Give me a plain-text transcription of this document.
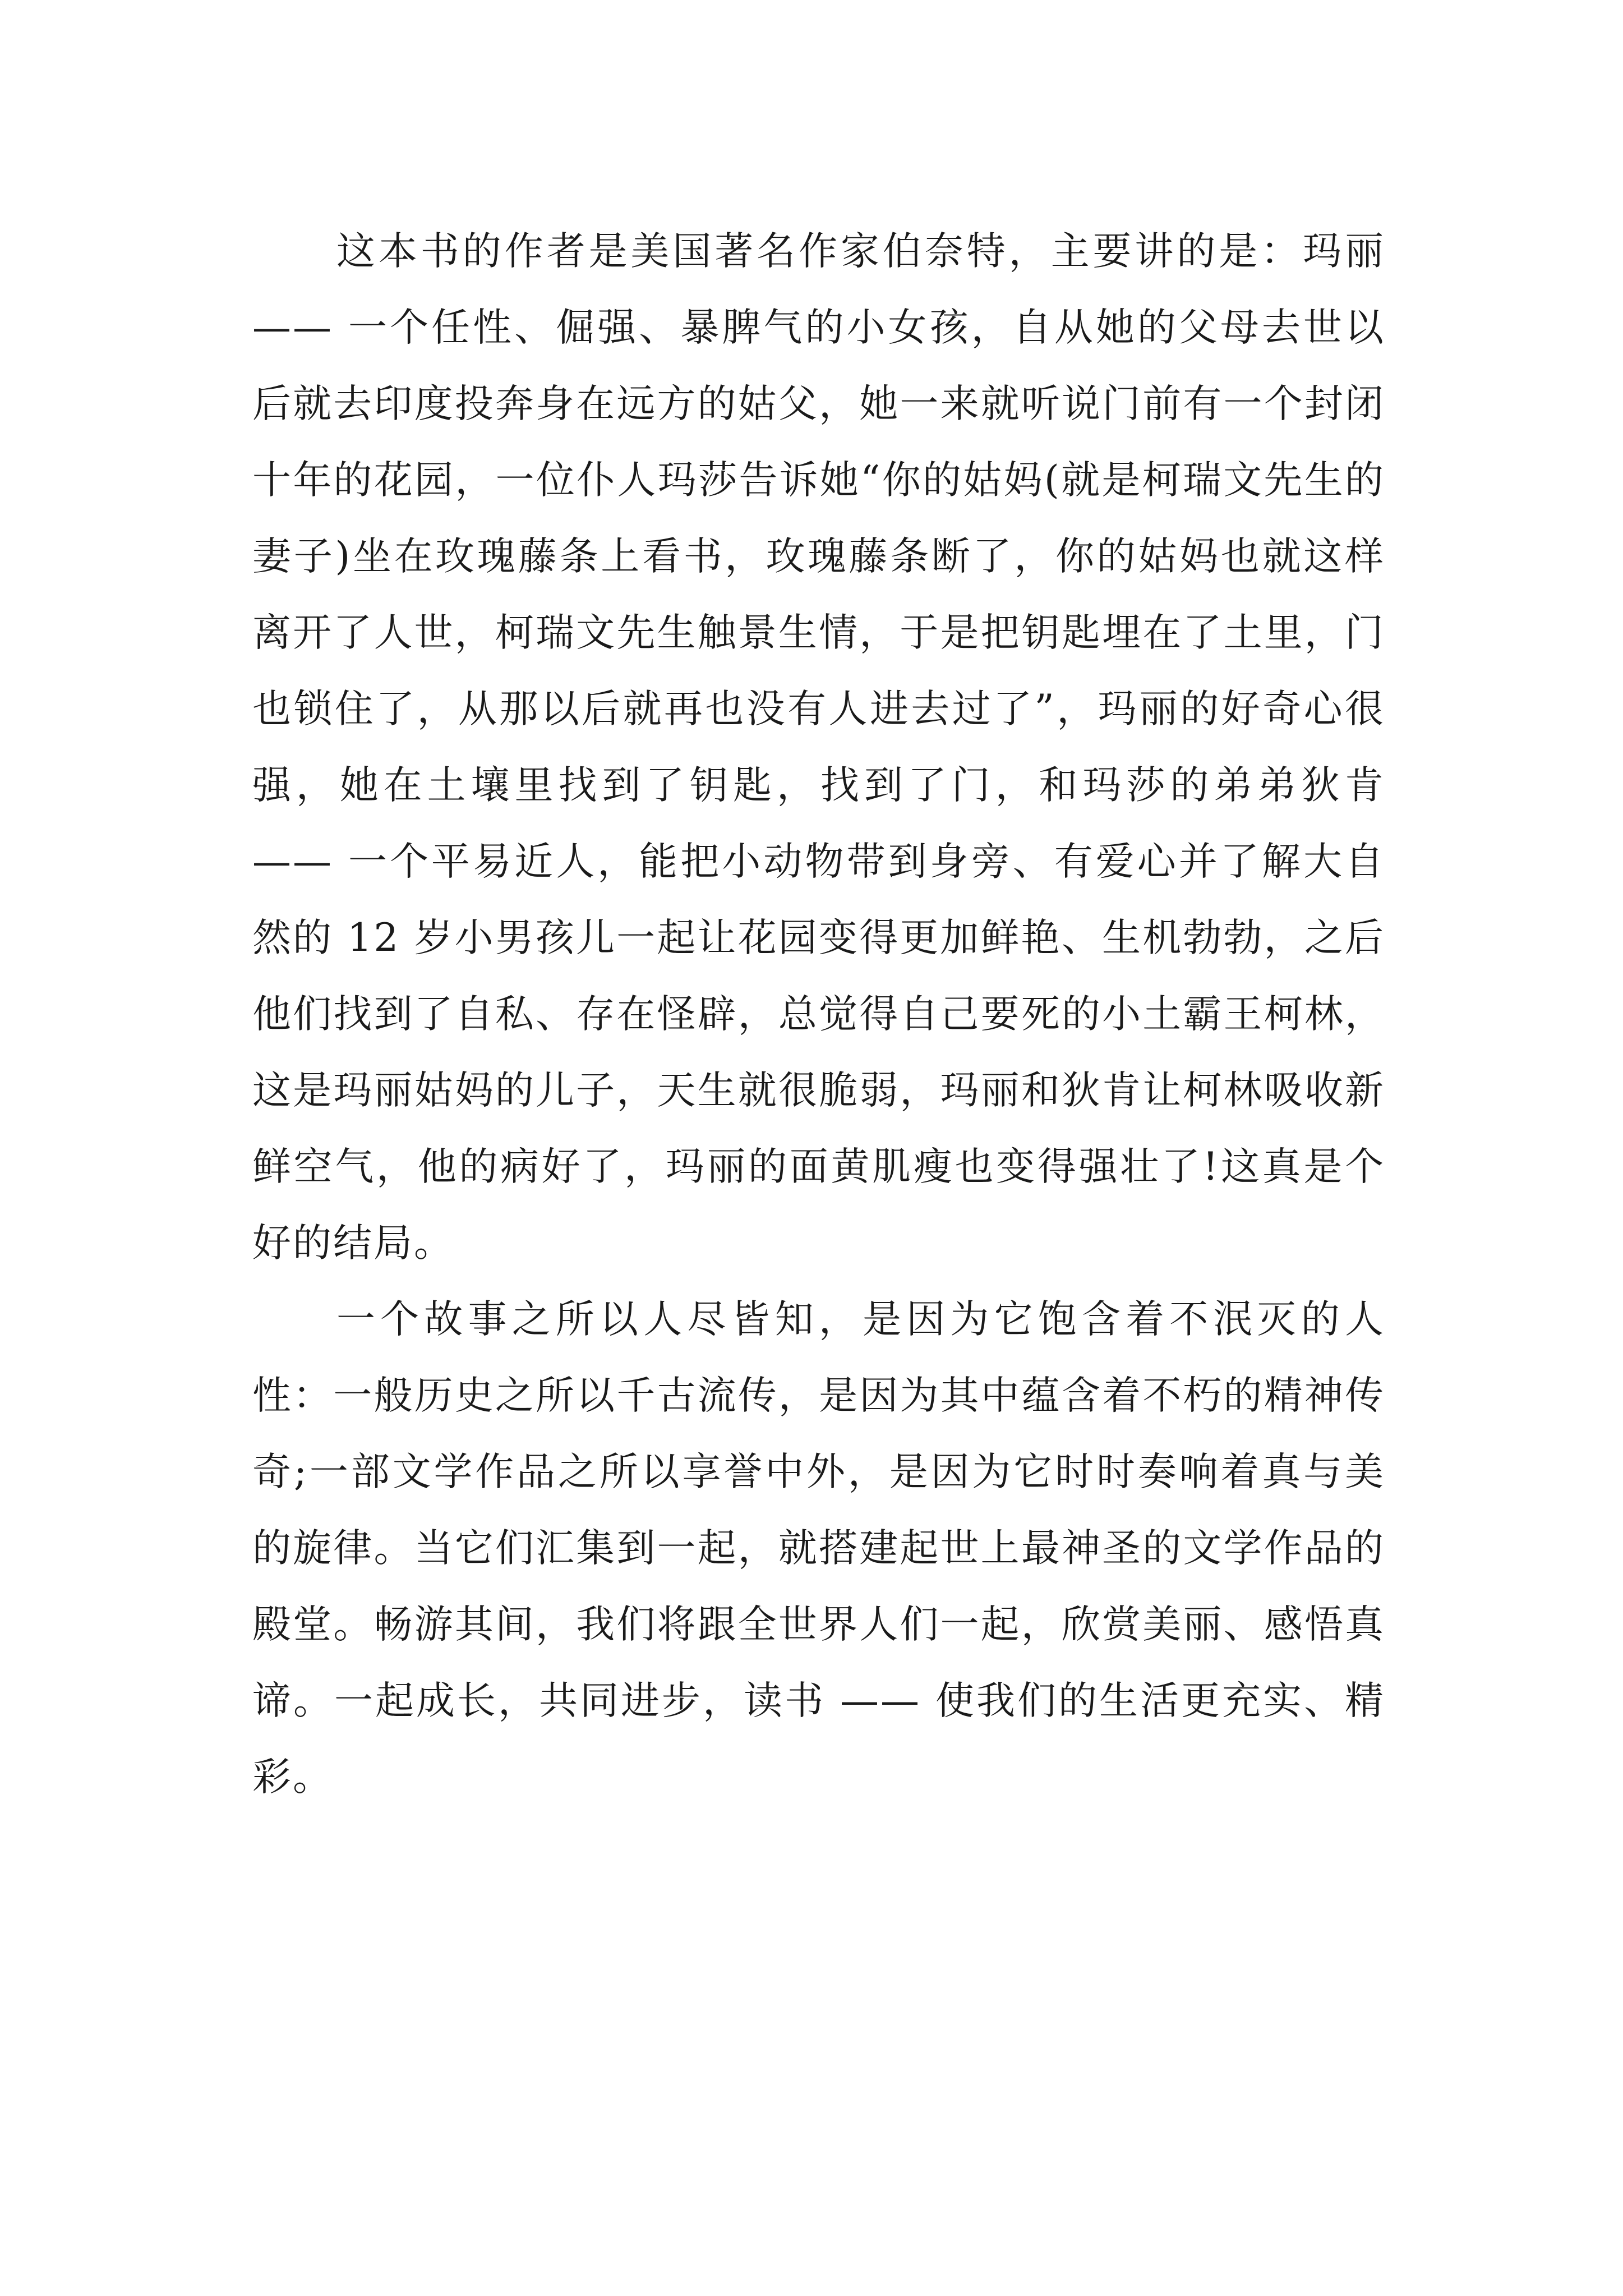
这本书的作者是美国著名作家伯奈特，主要讲的是：玛丽 —— 一个任性、倔强、暴脾气的小女孩，自从她的父母去世以后就去印度投奔身在远方的姑父，她一来就听说门前有一个封闭十年的花园，一位仆人玛莎告诉她“你的姑妈(就是柯瑞文先生的妻子)坐在玫瑰藤条上看书，玫瑰藤条断了，你的姑妈也就这样离开了人世，柯瑞文先生触景生情，于是把钥匙埋在了土里，门也锁住了，从那以后就再也没有人进去过了”，玛丽的好奇心很强，她在土壤里找到了钥匙，找到了门，和玛莎的弟弟狄肯 —— 一个平易近人，能把小动物带到身旁、有爱心并了解大自然的 12 岁小男孩儿一起让花园变得更加鲜艳、生机勃勃，之后他们找到了自私、存在怪辟，总觉得自己要死的小土霸王柯林，这是玛丽姑妈的儿子，天生就很脆弱，玛丽和狄肯让柯林吸收新鲜空气，他的病好了，玛丽的面黄肌瘦也变得强壮了!这真是个好的结局。

一个故事之所以人尽皆知，是因为它饱含着不泯灭的人性：一般历史之所以千古流传，是因为其中蕴含着不朽的精神传奇;一部文学作品之所以享誉中外，是因为它时时奏响着真与美的旋律。当它们汇集到一起，就搭建起世上最神圣的文学作品的殿堂。畅游其间，我们将跟全世界人们一起，欣赏美丽、感悟真谛。一起成长，共同进步，读书 —— 使我们的生活更充实、精彩。
